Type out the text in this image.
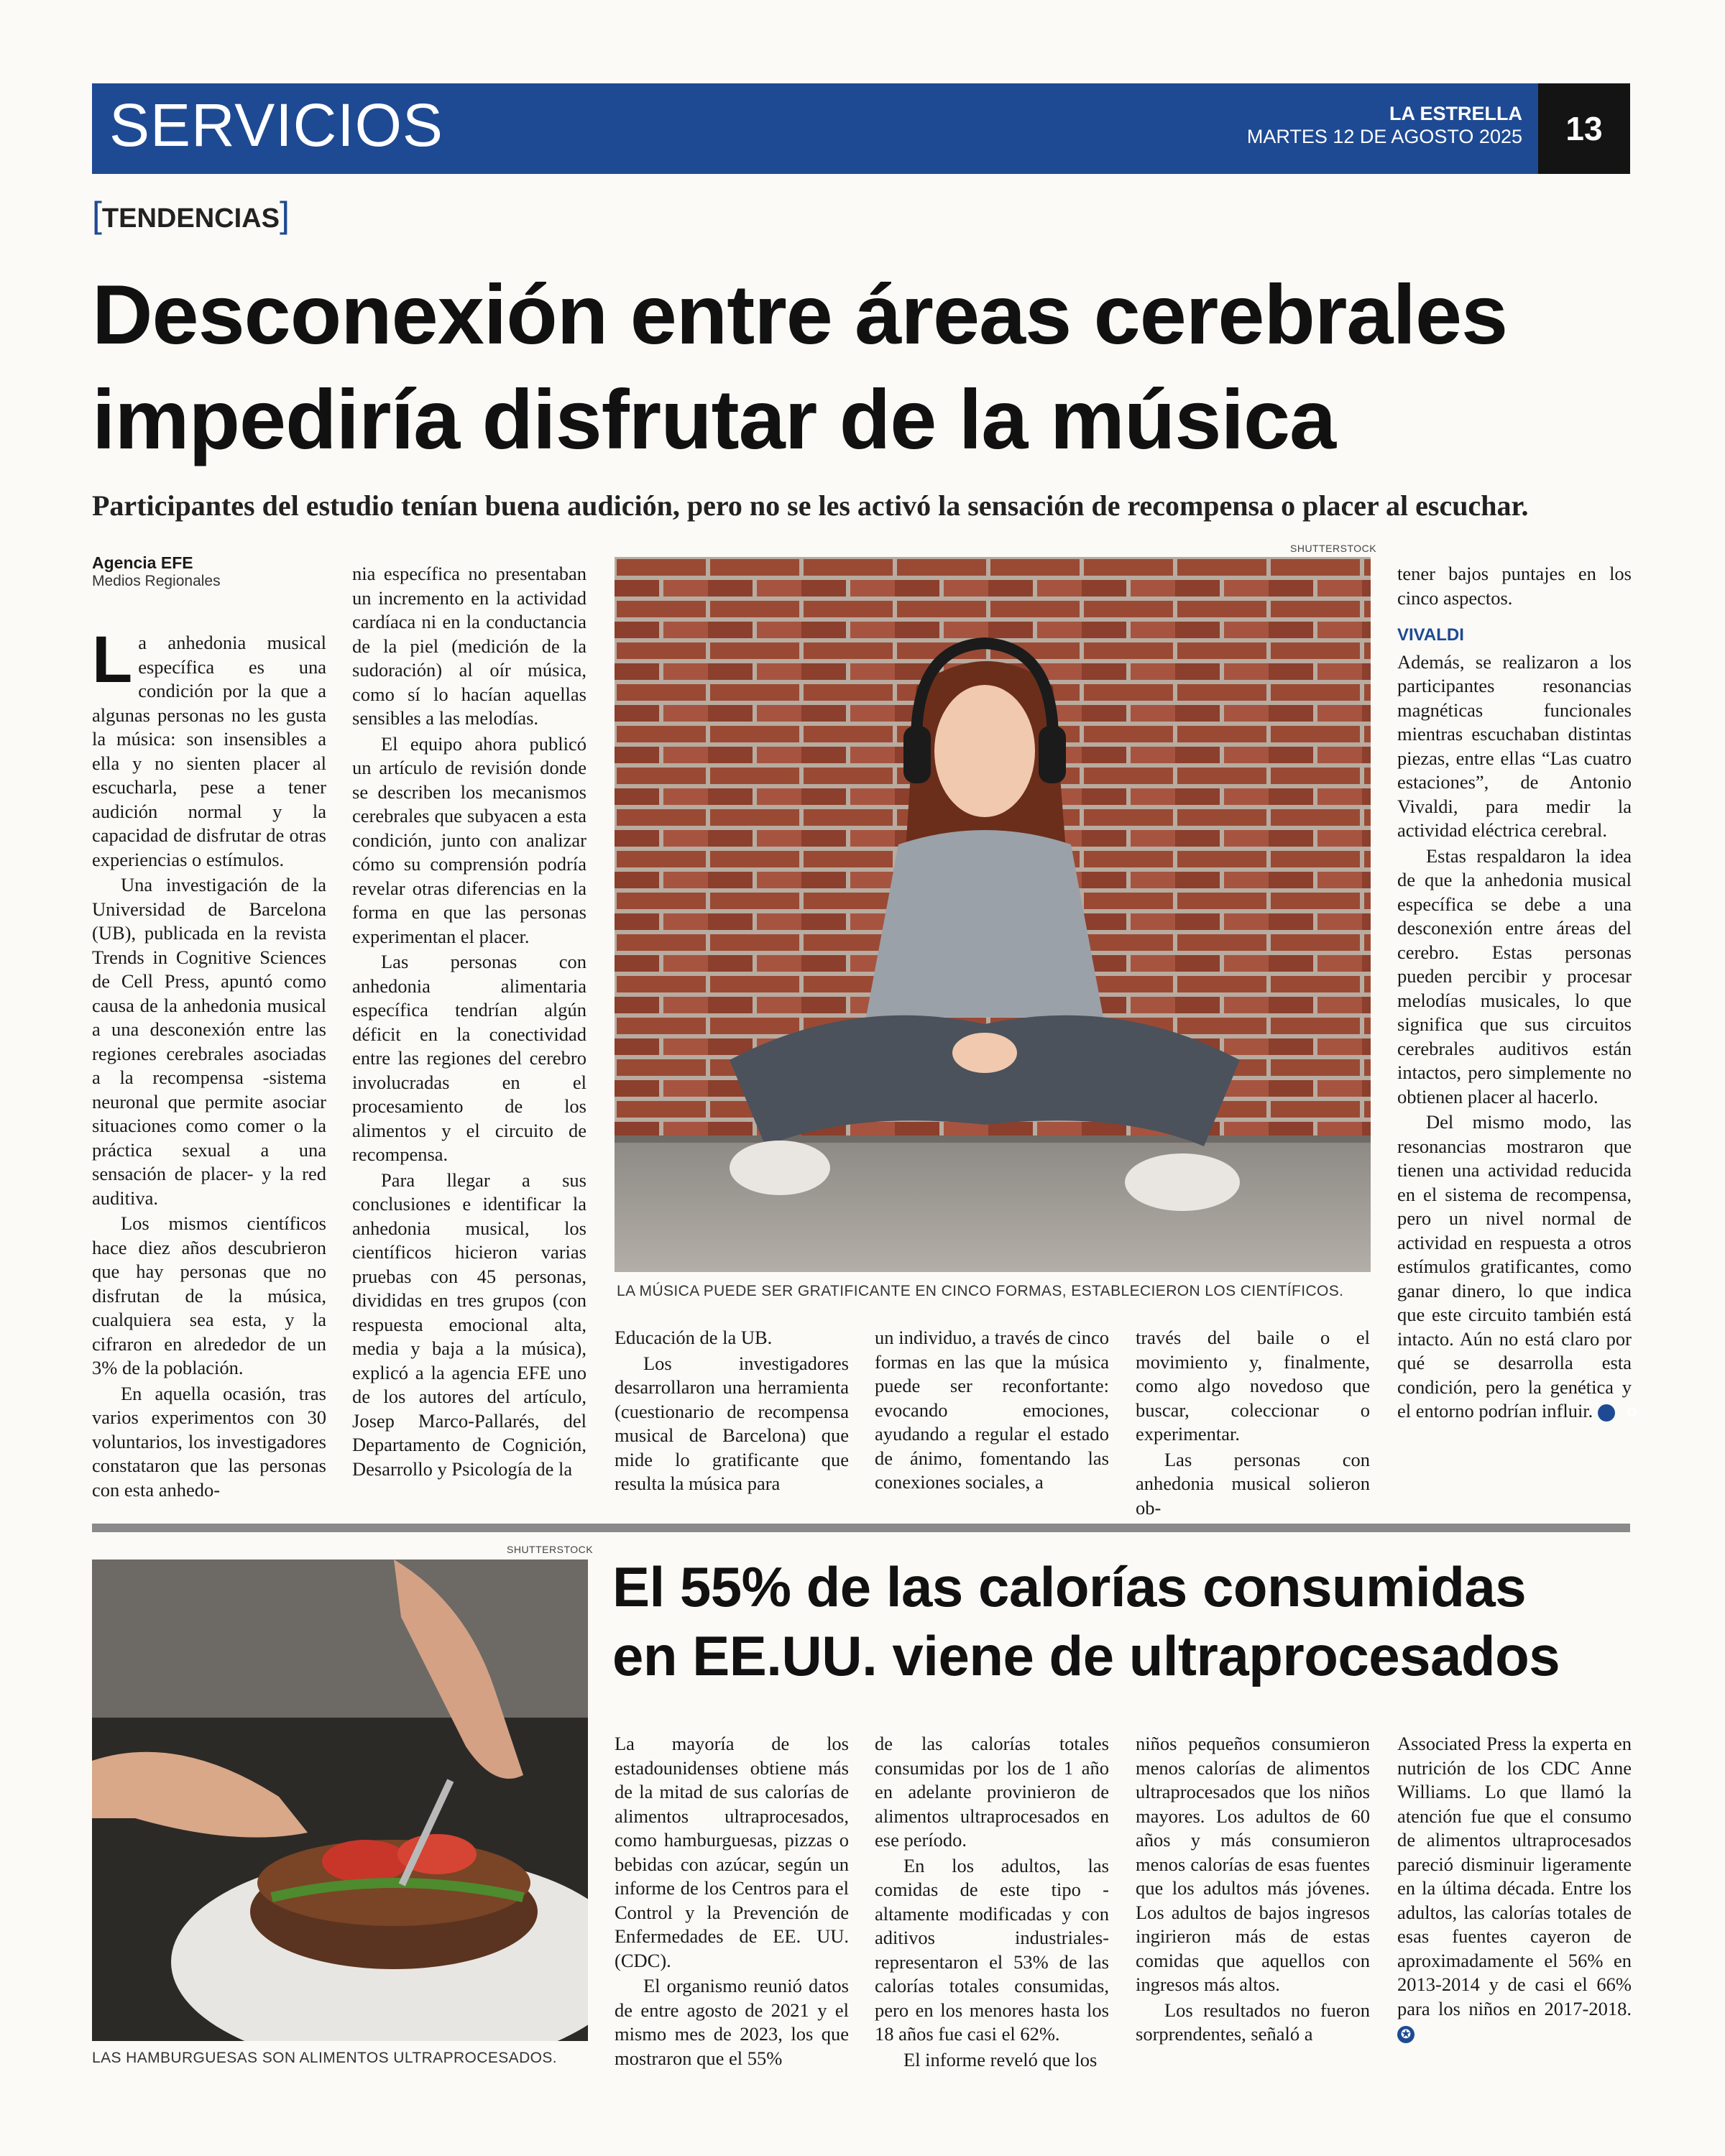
SERVICIOS	LA ESTRELLA
MARTES 12 DE AGOSTO 2025	13
[TENDENCIAS]
Desconexión entre áreas cerebrales
impediría disfrutar de la música
Participantes del estudio tenían buena audición, pero no se les activó la sensación de recompensa o placer al escuchar.
Agencia EFE
Medios Regionales

La anhedonia musical específica es una condición por la que a algunas personas no les gusta la música: son insensibles a ella y no sienten placer al escucharla, pese a tener audición normal y la capacidad de disfrutar de otras experiencias o estímulos.

Una investigación de la Universidad de Barcelona (UB), publicada en la revista Trends in Cognitive Sciences de Cell Press, apuntó como causa de la anhedonia musical a una desconexión entre las regiones cerebrales asociadas a la recompensa -sistema neuronal que permite asociar situaciones como comer o la práctica sexual a una sensación de placer- y la red auditiva.

Los mismos científicos hace diez años descubrieron que hay personas que no disfrutan de la música, cualquiera sea esta, y la cifraron en alrededor de un 3% de la población.

En aquella ocasión, tras varios experimentos con 30 voluntarios, los investigadores constataron que las personas con esta anhedo-

nia específica no presentaban un incremento en la actividad cardíaca ni en la conductancia de la piel (medición de la sudoración) al oír música, como sí lo hacían aquellas sensibles a las melodías.

El equipo ahora publicó un artículo de revisión donde se describen los mecanismos cerebrales que subyacen a esta condición, junto con analizar cómo su comprensión podría revelar otras diferencias en la forma en que las personas experimentan el placer.

Las personas con anhedonia alimentaria específica tendrían algún déficit en la conectividad entre las regiones del cerebro involucradas en el procesamiento de los alimentos y el circuito de recompensa.

Para llegar a sus conclusiones e identificar la anhedonia musical, los científicos hicieron varias pruebas con 45 personas, divididas en tres grupos (con respuesta emocional alta, media y baja a la música), explicó a la agencia EFE uno de los autores del artículo, Josep Marco-Pallarés, del Departamento de Cognición, Desarrollo y Psicología de la

SHUTTERSTOCK
LA MÚSICA PUEDE SER GRATIFICANTE EN CINCO FORMAS, ESTABLECIERON LOS CIENTÍFICOS.

Educación de la UB.

Los investigadores desarrollaron una herramienta (cuestionario de recompensa musical de Barcelona) que mide lo gratificante que resulta la música para

un individuo, a través de cinco formas en las que la música puede ser reconfortante: evocando emociones, ayudando a regular el estado de ánimo, fomentando las conexiones sociales, a

través del baile o el movimiento y, finalmente, como algo novedoso que buscar, coleccionar o experimentar.

Las personas con anhedonia musical solieron ob-

tener bajos puntajes en los cinco aspectos.

VIVALDI

Además, se realizaron a los participantes resonancias magnéticas funcionales mientras escuchaban distintas piezas, entre ellas “Las cuatro estaciones”, de Antonio Vivaldi, para medir la actividad eléctrica cerebral.

Estas respaldaron la idea de que la anhedonia musical específica se debe a una desconexión entre áreas del cerebro. Estas personas pueden percibir y procesar melodías musicales, lo que significa que sus circuitos cerebrales auditivos están intactos, pero simplemente no obtienen placer al hacerlo.

Del mismo modo, las resonancias mostraron que tienen una actividad reducida en el sistema de recompensa, pero un nivel normal de actividad en respuesta a otros estímulos gratificantes, como ganar dinero, lo que indica que este circuito también está intacto. Aún no está claro por qué se desarrolla esta condición, pero la genética y el entorno podrían influir.	✪

SHUTTERSTOCK
LAS HAMBURGUESAS SON ALIMENTOS ULTRAPROCESADOS.
El 55% de las calorías consumidas
en EE.UU. viene de ultraprocesados

La mayoría de los estadounidenses obtiene más de la mitad de sus calorías de alimentos ultraprocesados, como hamburguesas, pizzas o bebidas con azúcar, según un informe de los Centros para el Control y la Prevención de Enfermedades de EE. UU. (CDC).

El organismo reunió datos de entre agosto de 2021 y el mismo mes de 2023, los que mostraron que el 55%

de las calorías totales consumidas por los de 1 año en adelante provinieron de alimentos ultraprocesados en ese período.

En los adultos, las comidas de este tipo -altamente modificadas y con aditivos industriales- representaron el 53% de las calorías totales consumidas, pero en los menores hasta los 18 años fue casi el 62%.

El informe reveló que los

niños pequeños consumieron menos calorías de alimentos ultraprocesados que los niños mayores. Los adultos de 60 años y más consumieron menos calorías de esas fuentes que los adultos más jóvenes. Los adultos de bajos ingresos ingirieron más de estas comidas que aquellos con ingresos más altos.

Los resultados no fueron sorprendentes, señaló a

Associated Press la experta en nutrición de los CDC Anne Williams. Lo que llamó la atención fue que el consumo de alimentos ultraprocesados pareció disminuir ligeramente en la última década. Entre los adultos, las calorías totales de esas fuentes cayeron de aproximadamente el 56% en 2013-2014 y de casi el 66% para los niños en 2017-2018. ✪
